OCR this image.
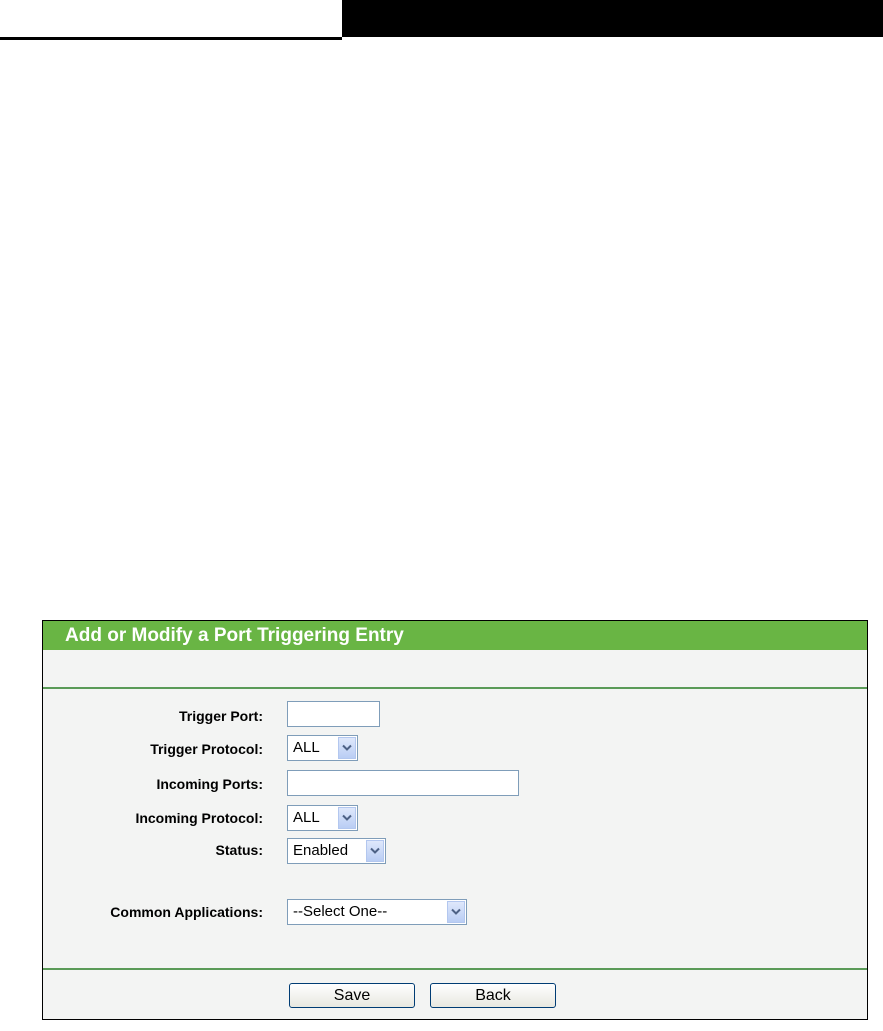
Add or Modify a Port Triggering Entry
Trigger Port:
Trigger Protocol:	ALL
Incoming Ports:
Incoming Protocol:	ALL
Status:	Enabled
Common Applications:	--Select One--
Save	Back
